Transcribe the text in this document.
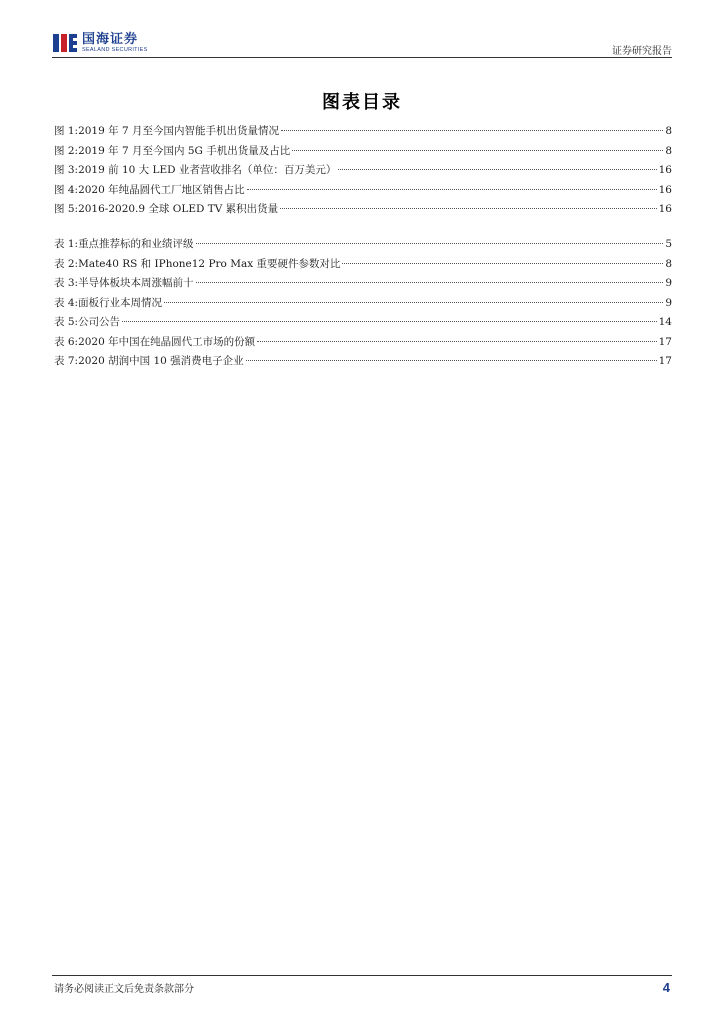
国海证券
SEALAND SECURITIES	证券研究报告
图表目录
图 1: 2019 年 7 月至今国内智能手机出货量情况	8
图 2: 2019 年 7 月至今国内 5G 手机出货量及占比	8
图 3: 2019 前 10 大 LED 业者营收排名（单位：百万美元）	16
图 4: 2020 年纯晶圆代工厂地区销售占比	16
图 5: 2016-2020.9 全球 OLED TV 累积出货量	16
表 1: 重点推荐标的和业绩评级	5
表 2: Mate40 RS 和 IPhone12 Pro Max 重要硬件参数对比	8
表 3: 半导体板块本周涨幅前十	9
表 4: 面板行业本周情况	9
表 5: 公司公告	14
表 6: 2020 年中国在纯晶圆代工市场的份额	17
表 7: 2020 胡润中国 10 强消费电子企业	17
请务必阅读正文后免责条款部分	4
